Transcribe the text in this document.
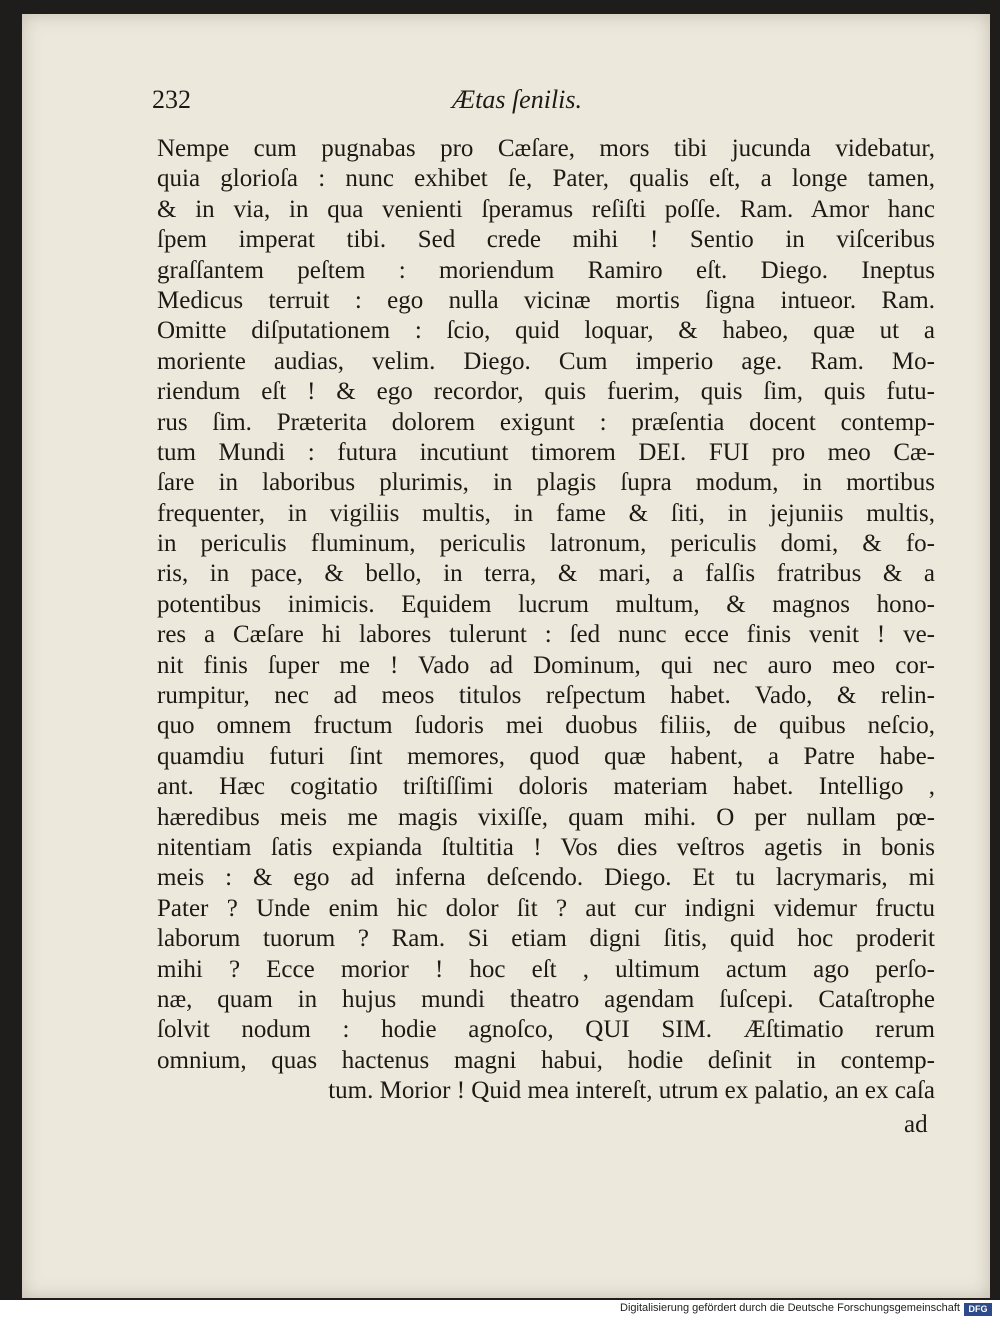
232	Ætas ſenilis.
Nempe cum pugnabas pro Cæſare, mors tibi jucunda videbatur,
quia glorioſa : nunc exhibet ſe, Pater, qualis eſt, a longe tamen,
& in via, in qua venienti ſperamus reſiſti poſſe. Ram. Amor hanc
ſpem imperat tibi. Sed crede mihi ! Sentio in viſceribus
graſſantem peſtem : moriendum Ramiro eſt. Diego. Ineptus
Medicus terruit : ego nulla vicinæ mortis ſigna intueor. Ram.
Omitte diſputationem : ſcio, quid loquar, & habeo, quæ ut a
moriente audias, velim. Diego. Cum imperio age. Ram. Mo-
riendum eſt ! & ego recordor, quis fuerim, quis ſim, quis futu-
rus ſim. Præterita dolorem exigunt : præſentia docent contemp-
tum Mundi : futura incutiunt timorem DEI. FUI pro meo Cæ-
ſare in laboribus plurimis, in plagis ſupra modum, in mortibus
frequenter, in vigiliis multis, in fame & ſiti, in jejuniis multis,
in periculis fluminum, periculis latronum, periculis domi, & fo-
ris, in pace, & bello, in terra, & mari, a falſis fratribus & a
potentibus inimicis. Equidem lucrum multum, & magnos hono-
res a Cæſare hi labores tulerunt : ſed nunc ecce finis venit ! ve-
nit finis ſuper me ! Vado ad Dominum, qui nec auro meo cor-
rumpitur, nec ad meos titulos reſpectum habet. Vado, & relin-
quo omnem fructum ſudoris mei duobus filiis, de quibus neſcio,
quamdiu futuri ſint memores, quod quæ habent, a Patre habe-
ant. Hæc cogitatio triſtiſſimi doloris materiam habet. Intelligo ,
hæredibus meis me magis vixiſſe, quam mihi. O per nullam pœ-
nitentiam ſatis expianda ſtultitia ! Vos dies veſtros agetis in bonis
meis : & ego ad inferna deſcendo. Diego. Et tu lacrymaris, mi
Pater ? Unde enim hic dolor ſit ? aut cur indigni videmur fructu
laborum tuorum ? Ram. Si etiam digni ſitis, quid hoc proderit
mihi ? Ecce morior ! hoc eſt , ultimum actum ago perſo-
næ, quam in hujus mundi theatro agendam ſuſcepi. Cataſtrophe
ſolvit nodum : hodie agnoſco, QUI SIM. Æſtimatio rerum
omnium, quas hactenus magni habui, hodie deſinit in contemp-
tum. Morior ! Quid mea intereſt, utrum ex palatio, an ex caſa
ad
Digitalisierung gefördert durch die Deutsche Forschungsgemeinschaft DFG
